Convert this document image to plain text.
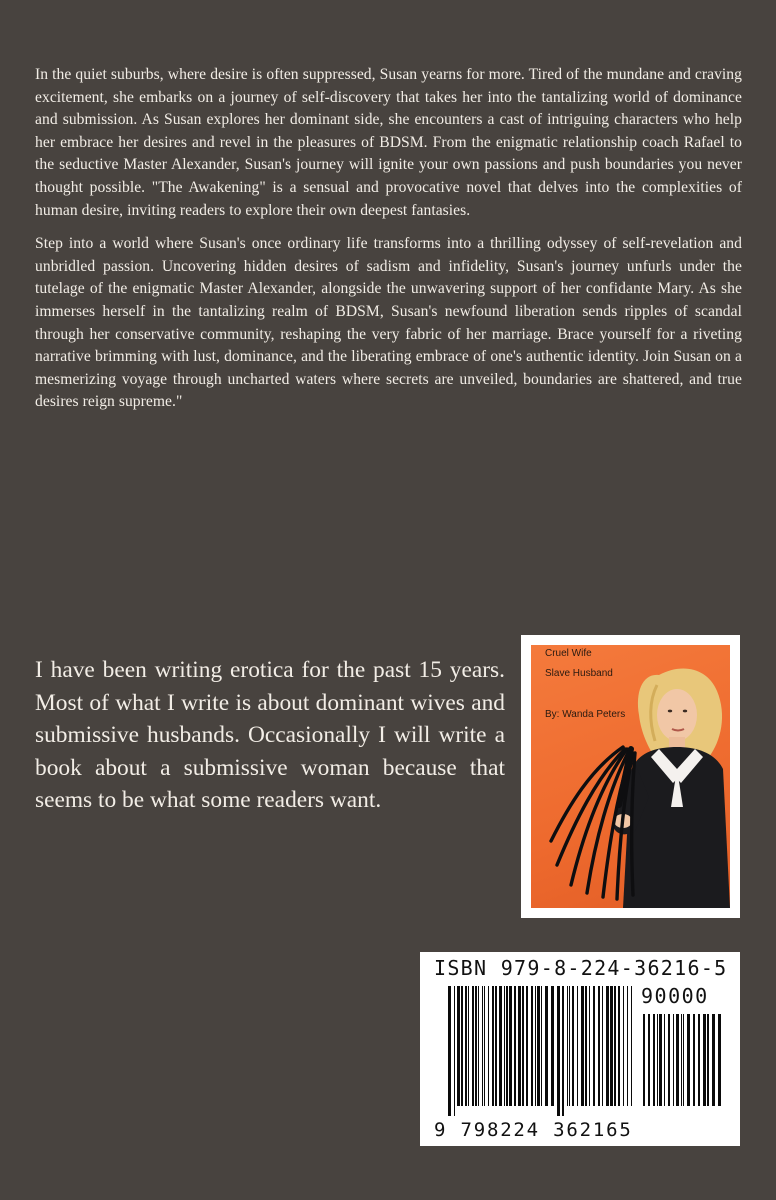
In the quiet suburbs, where desire is often suppressed, Susan yearns for more. Tired of the mundane and craving excitement, she embarks on a journey of self-discovery that takes her into the tantalizing world of dominance and submission. As Susan explores her dominant side, she encounters a cast of intriguing characters who help her embrace her desires and revel in the pleasures of BDSM. From the enigmatic relationship coach Rafael to the seductive Master Alexander, Susan's journey will ignite your own passions and push boundaries you never thought possible. "The Awakening" is a sensual and provocative novel that delves into the complexities of human desire, inviting readers to explore their own deepest fantasies.

Step into a world where Susan's once ordinary life transforms into a thrilling odyssey of self-revelation and unbridled passion. Uncovering hidden desires of sadism and infidelity, Susan's journey unfurls under the tutelage of the enigmatic Master Alexander, alongside the unwavering support of her confidante Mary. As she immerses herself in the tantalizing realm of BDSM, Susan's newfound liberation sends ripples of scandal through her conservative community, reshaping the very fabric of her marriage. Brace yourself for a riveting narrative brimming with lust, dominance, and the liberating embrace of one's authentic identity. Join Susan on a mesmerizing voyage through uncharted waters where secrets are unveiled, boundaries are shattered, and true desires reign supreme."

I have been writing erotica for the past 15 years. Most of what I write is about dominant wives and submissive husbands. Occasionally I will write a book about a submissive woman because that seems to be what some readers want.

Cruel Wife
Slave Husband
By: Wanda Peters
ISBN 979-8-224-36216-5
90000
9 798224 362165
